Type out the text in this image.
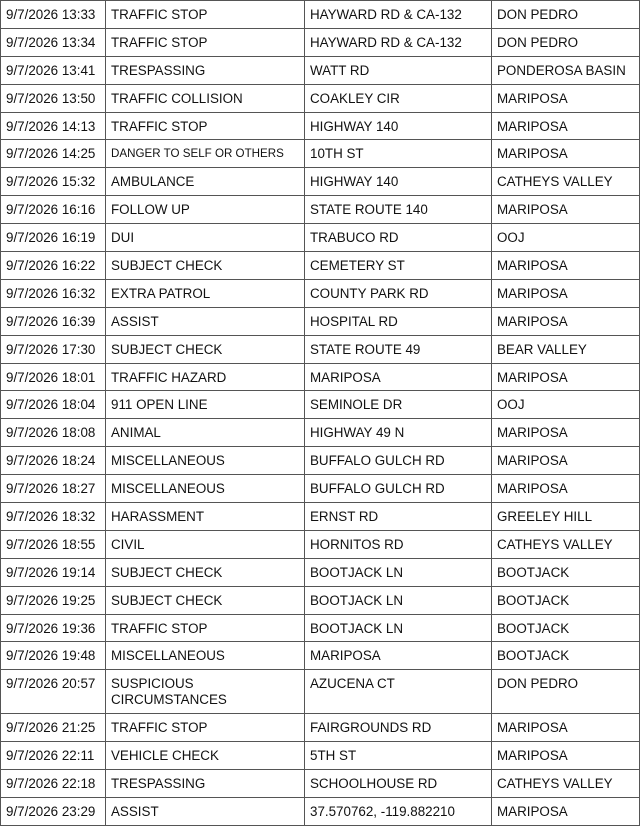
9/7/2026 13:33	TRAFFIC STOP	HAYWARD RD & CA-132	DON PEDRO
9/7/2026 13:34	TRAFFIC STOP	HAYWARD RD & CA-132	DON PEDRO
9/7/2026 13:41	TRESPASSING	WATT RD	PONDEROSA BASIN
9/7/2026 13:50	TRAFFIC COLLISION	COAKLEY CIR	MARIPOSA
9/7/2026 14:13	TRAFFIC STOP	HIGHWAY 140	MARIPOSA
9/7/2026 14:25	DANGER TO SELF OR OTHERS	10TH ST	MARIPOSA
9/7/2026 15:32	AMBULANCE	HIGHWAY 140	CATHEYS VALLEY
9/7/2026 16:16	FOLLOW UP	STATE ROUTE 140	MARIPOSA
9/7/2026 16:19	DUI	TRABUCO RD	OOJ
9/7/2026 16:22	SUBJECT CHECK	CEMETERY ST	MARIPOSA
9/7/2026 16:32	EXTRA PATROL	COUNTY PARK RD	MARIPOSA
9/7/2026 16:39	ASSIST	HOSPITAL RD	MARIPOSA
9/7/2026 17:30	SUBJECT CHECK	STATE ROUTE 49	BEAR VALLEY
9/7/2026 18:01	TRAFFIC HAZARD	MARIPOSA	MARIPOSA
9/7/2026 18:04	911 OPEN LINE	SEMINOLE DR	OOJ
9/7/2026 18:08	ANIMAL	HIGHWAY 49 N	MARIPOSA
9/7/2026 18:24	MISCELLANEOUS	BUFFALO GULCH RD	MARIPOSA
9/7/2026 18:27	MISCELLANEOUS	BUFFALO GULCH RD	MARIPOSA
9/7/2026 18:32	HARASSMENT	ERNST RD	GREELEY HILL
9/7/2026 18:55	CIVIL	HORNITOS RD	CATHEYS VALLEY
9/7/2026 19:14	SUBJECT CHECK	BOOTJACK LN	BOOTJACK
9/7/2026 19:25	SUBJECT CHECK	BOOTJACK LN	BOOTJACK
9/7/2026 19:36	TRAFFIC STOP	BOOTJACK LN	BOOTJACK
9/7/2026 19:48	MISCELLANEOUS	MARIPOSA	BOOTJACK
9/7/2026 20:57	SUSPICIOUS CIRCUMSTANCES	AZUCENA CT	DON PEDRO
9/7/2026 21:25	TRAFFIC STOP	FAIRGROUNDS RD	MARIPOSA
9/7/2026 22:11	VEHICLE CHECK	5TH ST	MARIPOSA
9/7/2026 22:18	TRESPASSING	SCHOOLHOUSE RD	CATHEYS VALLEY
9/7/2026 23:29	ASSIST	37.570762, -119.882210	MARIPOSA
